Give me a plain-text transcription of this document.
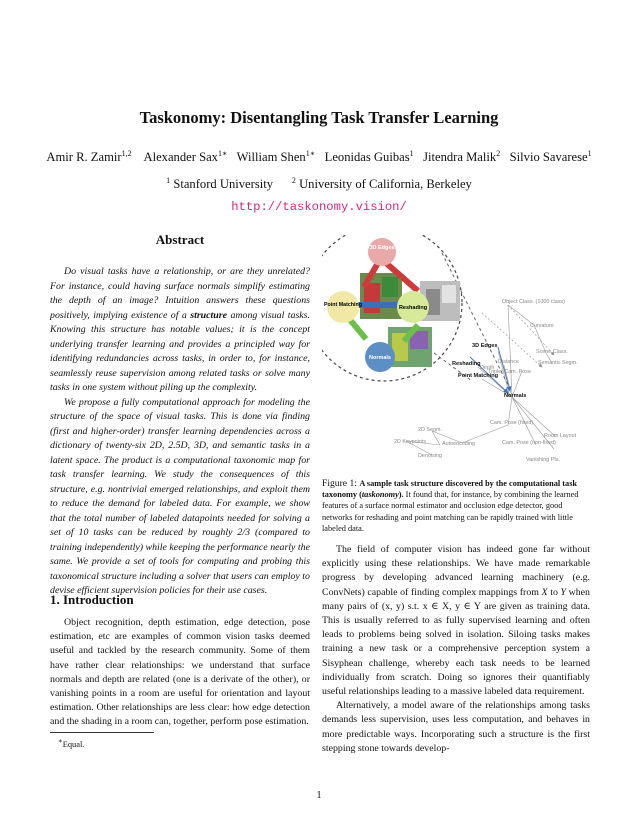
Taskonomy: Disentangling Task Transfer Learning
Amir R. Zamir$^{1,2}$ Alexander Sax$^{1∗}$ William Shen$^{1∗}$ Leonidas Guibas$^1$ Jitendra Malik$^2$ Silvio Savarese$^1$
$^1$ Stanford University $^2$ University of California, Berkeley
http://taskonomy.vision/
Abstract

Do visual tasks have a relationship, or are they unrelated? For instance, could having surface normals simplify estimating the depth of an image? Intuition answers these questions positively, implying existence of a structure among visual tasks. Knowing this structure has notable values; it is the concept underlying transfer learning and provides a principled way for identifying redundancies across tasks, in order to, for instance, seamlessly reuse supervision among related tasks or solve many tasks in one system without piling up the complexity.

We propose a fully computational approach for modeling the structure of the space of visual tasks. This is done via finding (first and higher-order) transfer learning dependencies across a dictionary of twenty-six 2D, 2.5D, 3D, and semantic tasks in a latent space. The product is a computational taxonomic map for task transfer learning. We study the consequences of this structure, e.g. nontrivial emerged relationships, and exploit them to reduce the demand for labeled data. For example, we show that the total number of labeled datapoints needed for solving a set of 10 tasks can be reduced by roughly 2/3 (compared to training independently) while keeping the performance nearly the same. We provide a set of tools for computing and probing this taxonomical structure including a solver that users can employ to devise efficient supervision policies for their use cases.

1. Introduction

Object recognition, depth estimation, edge detection, pose estimation, etc are examples of common vision tasks deemed useful and tackled by the research community. Some of them have rather clear relationships: we understand that surface normals and depth are related (one is a derivate of the other), or vanishing points in a room are useful for orientation and layout estimation. Other relationships are less clear: how edge detection and the shading in a room can, together, perform pose estimation.

∗Equal.
3D Edges
Point Matching	Reshading
Normals
Object Class. (1000 class)
Curvature
Scene Class.
Semantic Segm.
Distance
Depth
Triplet Cam. Pose
Cam. Pose (fixed)
2D Segm.
2D Keypoints	Autoencoding	Cam. Pose (non-fixed)
Room Layout
Denoising
Vanishing Pts.
3D Edges
Reshading
Point Matching
Normals
Figure 1: A sample task structure discovered by the computational task taxonomy (taskonomy). It found that, for instance, by combining the learned features of a surface normal estimator and occlusion edge detector, good networks for reshading and point matching can be rapidly trained with little labeled data.

The field of computer vision has indeed gone far without explicitly using these relationships. We have made remarkable progress by developing advanced learning machinery (e.g. ConvNets) capable of finding complex mappings from X to Y when many pairs of (x, y) s.t. x ∈ X, y ∈ Y are given as training data. This is usually referred to as fully supervised learning and often leads to problems being solved in isolation. Siloing tasks makes training a new task or a comprehensive perception system a Sisyphean challenge, whereby each task needs to be learned individually from scratch. Doing so ignores their quantifiably useful relationships leading to a massive labeled data requirement.

Alternatively, a model aware of the relationships among tasks demands less supervision, uses less computation, and behaves in more predictable ways. Incorporating such a structure is the first stepping stone towards develop-

1
